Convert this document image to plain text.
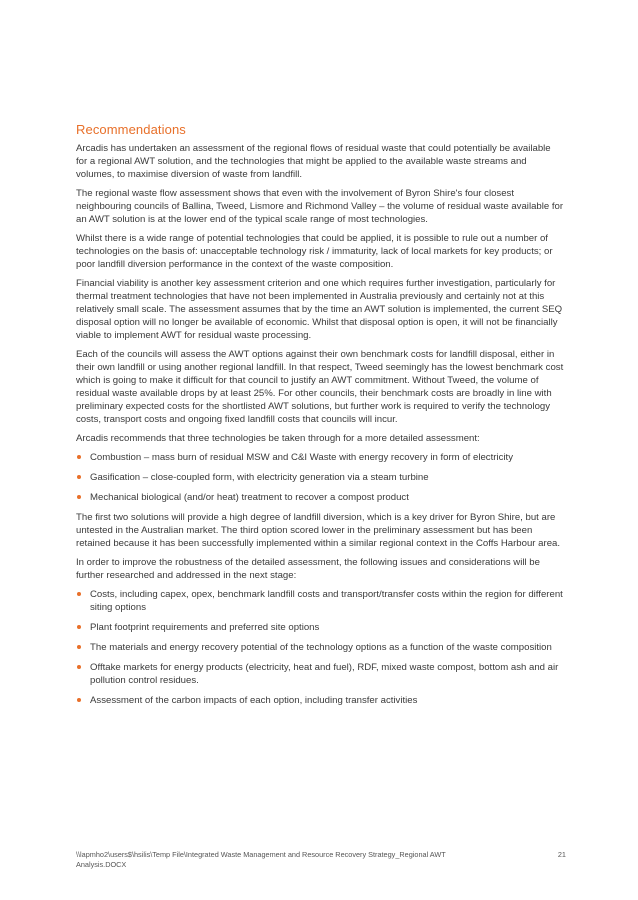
Recommendations

Arcadis has undertaken an assessment of the regional flows of residual waste that could potentially be available for a regional AWT solution, and the technologies that might be applied to the available waste streams and volumes, to maximise diversion of waste from landfill.

The regional waste flow assessment shows that even with the involvement of Byron Shire's four closest neighbouring councils of Ballina, Tweed, Lismore and Richmond Valley – the volume of residual waste available for an AWT solution is at the lower end of the typical scale range of most technologies.

Whilst there is a wide range of potential technologies that could be applied, it is possible to rule out a number of technologies on the basis of: unacceptable technology risk / immaturity, lack of local markets for key products; or poor landfill diversion performance in the context of the waste composition.

Financial viability is another key assessment criterion and one which requires further investigation, particularly for thermal treatment technologies that have not been implemented in Australia previously and certainly not at this relatively small scale. The assessment assumes that by the time an AWT solution is implemented, the current SEQ disposal option will no longer be available of economic. Whilst that disposal option is open, it will not be financially viable to implement AWT for residual waste processing.

Each of the councils will assess the AWT options against their own benchmark costs for landfill disposal, either in their own landfill or using another regional landfill. In that respect, Tweed seemingly has the lowest benchmark cost which is going to make it difficult for that council to justify an AWT commitment. Without Tweed, the volume of residual waste available drops by at least 25%. For other councils, their benchmark costs are broadly in line with preliminary expected costs for the shortlisted AWT solutions, but further work is required to verify the technology costs, transport costs and ongoing fixed landfill costs that councils will incur.

Arcadis recommends that three technologies be taken through for a more detailed assessment:

Combustion – mass burn of residual MSW and C&I Waste with energy recovery in form of electricity
Gasification – close-coupled form, with electricity generation via a steam turbine
Mechanical biological (and/or heat) treatment to recover a compost product

The first two solutions will provide a high degree of landfill diversion, which is a key driver for Byron Shire, but are untested in the Australian market. The third option scored lower in the preliminary assessment but has been retained because it has been successfully implemented within a similar regional context in the Coffs Harbour area.

In order to improve the robustness of the detailed assessment, the following issues and considerations will be further researched and addressed in the next stage:

Costs, including capex, opex, benchmark landfill costs and transport/transfer costs within the region for different siting options
Plant footprint requirements and preferred site options
The materials and energy recovery potential of the technology options as a function of the waste composition
Offtake markets for energy products (electricity, heat and fuel), RDF, mixed waste compost, bottom ash and air pollution control residues.
Assessment of the carbon impacts of each option, including transfer activities
\\lapmho2\users$\hsilis\Temp File\Integrated Waste Management and Resource Recovery Strategy_Regional AWT Analysis.DOCX
21
